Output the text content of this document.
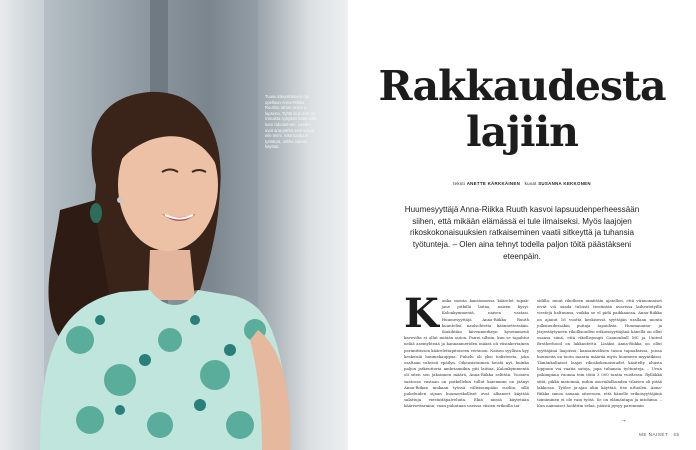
Tuusu kävysitteteeri opi opelluun Anna-Riikka Ruuthin rahon arvon ja lapsena. Työtä ikuri arte on misuista nykyään käännellä tuen rahoitet-tan. Lasten, avat ana-pärkä avat vaivat eile teimi. Sisä luottuun työtärpä, Jahka raksan käyttää.
Rakkaudesta
lajiin
teksti ANETTE KÄRKKÄINEN kuvat SUSANNA KEKKONEN
Huumesyyttäjä Anna-Riikka Ruuth kasvoi lapsuudenperheessään siihen, että mikään elämässä ei tule ilmaiseksi. Myös laajojen rikoskokonaisuuksien ratkaiseminen vaatii sitkeyttä ja tuhansia työtunteja. – Olen aina tehnyt todella paljon töitä päästäkseni eteenpäin.
K unka monta kansiomossa käärelet tupak-jane pitkillä laitaa, naisen kysyi. Kalonkymmentä, naisen vastasi. Huumesyyttäjä Anna-Riikka Ruuth kuuntelisi naulsohtetta käännettessään. Sinäihitän kiivenmerkeyn kyseimmenä kavevilta ei ollut mitään outoa. Pairei ullsiin, kun se tapahtui nelää asemyhteää ja kannanmeriden määrä oli viisinkertainen perimittissen käärelettapitoiseen versioon. Naisen syyllisin kyy keskeisiä huumekauppaa. Puhelu oli yksi todisteista, joka osaltaan vahvisti epäilyn. Oikeusistuimen heistä nyt, kuinka paljon jatkeuttoria ambriannikin piti laittaa. Kalonkymmentä oli siten sen jakoinnen määrä, Anna-Riikka selittää. Vuosien saatossa vastaan on putkellekin tullut kaiemmin on jäänyt Anna-Riikan mukaan työssä välisisempään rooliin, sillä puheluiden sijaan huumerikolliset ovat alkaneet käyttää salattuja viestintäpalveluita. Ekiä niissä käytetään käärisettaraina, vaan puhutaan useissa viisien erikoilla tai-

sidilla: muut rikollisen nimittäin ajatellen, että viranomaiset eivät voi saada tuloisti viestintää avavissa laiheutetyillä viestejä haltuunsa, vaikka se el pidä paikkaansa. Anna-Riikka on ajanut 16 vuotta keskisessä syyttäjän urallaan monta julkisuudessakin puitaja tapauksia. Huumauaine- ja järjestäytyneen rikollisuuden erikoissyyttäjänä hänellä on ollut osansa siinä, että rikollisjengit Cannonball MC ja United Brotherhood on lakkautettu. Lisäksi Anna-Riikka on ollut syyttäjänä laajoissa, kansainvälisen tason tapauksissa, joissa huumeita on tuotu maaria määrää myös huumeen myyntikissi. Tämänkaltaiset laajat rikoskokonaisuudet käsitelty aluista loppuun voi vaatia satoja, jopa tuhansia työtunteja. – Uvun pahimpana vuonna tein töitä 3 000 tuntia vuodessa. Rylläkkä siitä, pikkä matoinnä, mihin asuvaihdhunden vilaisen oli pitää lakkossa. Työlse ja-ajan aliin käyttää, itse urheilen. Anna-Riikka sanoo sanaan oiteessen, että hänelle erikoisyyttäjänä toimiminen ei ole vain työtä. Se on elämäntapa ja intohimo. – Kun naimaiset hoihtitin selaa, päästä pysyy paremmin

→
ME NAISET 45
